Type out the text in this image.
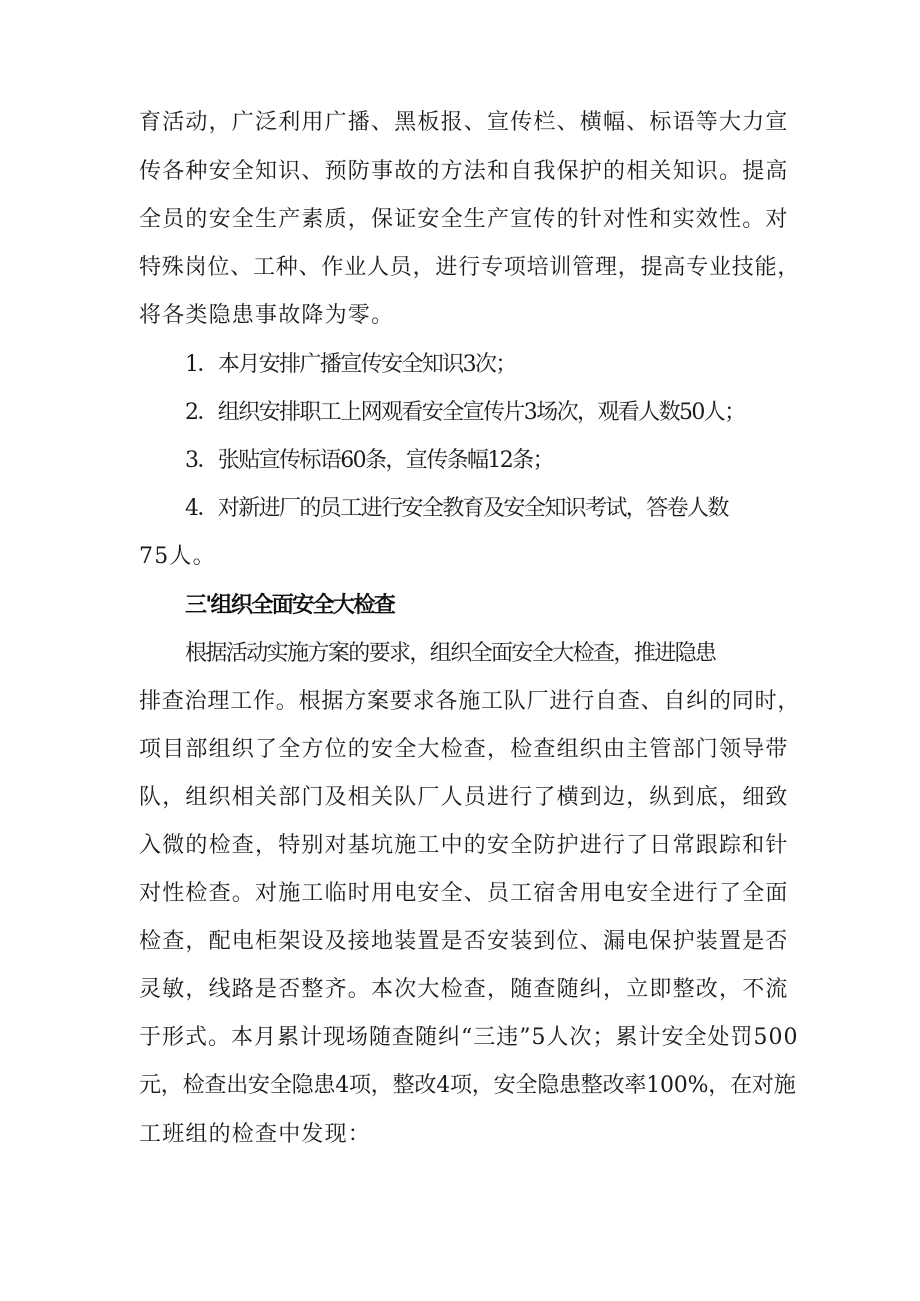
育活动，广泛利用广播、黑板报、宣传栏、横幅、标语等大力宣
传各种安全知识、预防事故的方法和自我保护的相关知识。提高
全员的安全生产素质，保证安全生产宣传的针对性和实效性。对
特殊岗位、工种、作业人员，进行专项培训管理，提高专业技能，
将各类隐患事故降为零。
1．本月安排广播宣传安全知识3次；
2．组织安排职工上网观看安全宣传片3场次，观看人数50人；
3．张贴宣传标语60条，宣传条幅12条；
4．对新进厂的员工进行安全教育及安全知识考试，答卷人数
75人。
三'组织全面安全大检查
根据活动实施方案的要求，组织全面安全大检查，推进隐患
排查治理工作。根据方案要求各施工队厂进行自查、自纠的同时，
项目部组织了全方位的安全大检查，检查组织由主管部门领导带
队，组织相关部门及相关队厂人员进行了横到边，纵到底，细致
入微的检查，特别对基坑施工中的安全防护进行了日常跟踪和针
对性检查。对施工临时用电安全、员工宿舍用电安全进行了全面
检查，配电柜架设及接地装置是否安装到位、漏电保护装置是否
灵敏，线路是否整齐。本次大检查，随查随纠，立即整改，不流
于形式。本月累计现场随查随纠“三违”5人次；累计安全处罚500
元，检查出安全隐患4项，整改4项，安全隐患整改率100%，在对施
工班组的检查中发现：
